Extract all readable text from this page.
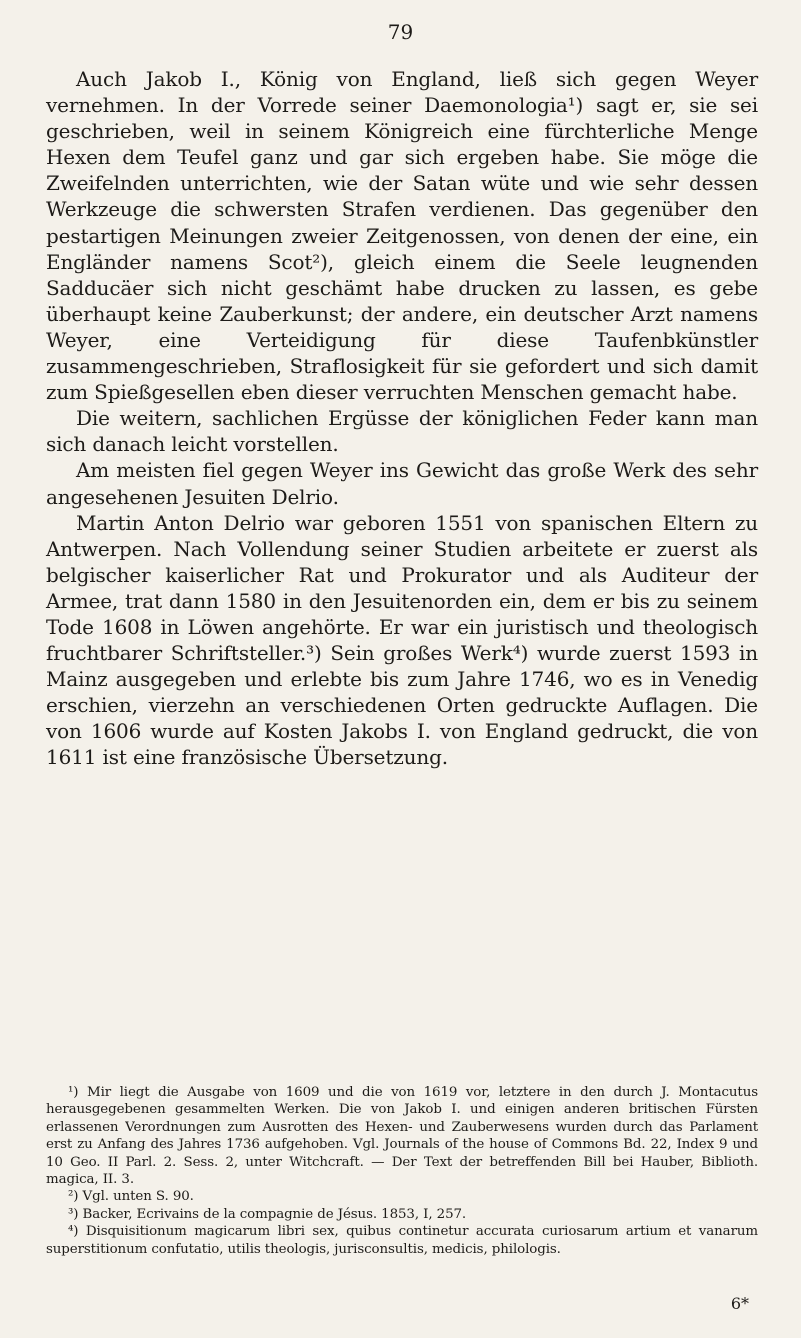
79

Auch Jakob I., König von England, ließ sich gegen Weyer vernehmen. In der Vorrede seiner Daemonologia¹) sagt er, sie sei geschrieben, weil in seinem Königreich eine fürchterliche Menge Hexen dem Teufel ganz und gar sich ergeben habe. Sie möge die Zweifelnden unterrichten, wie der Satan wüte und wie sehr dessen Werkzeuge die schwersten Strafen verdienen. Das gegenüber den pestartigen Meinungen zweier Zeitgenossen, von denen der eine, ein Engländer namens Scot²), gleich einem die Seele leugnenden Sadducäer sich nicht geschämt habe drucken zu lassen, es gebe überhaupt keine Zauberkunst; der andere, ein deutscher Arzt namens Weyer, eine Verteidigung für diese Taufenbkünstler zusammengeschrieben, Straflosigkeit für sie gefordert und sich damit zum Spießgesellen eben dieser verruchten Menschen gemacht habe.

Die weitern, sachlichen Ergüsse der königlichen Feder kann man sich danach leicht vorstellen.

Am meisten fiel gegen Weyer ins Gewicht das große Werk des sehr angesehenen Jesuiten Delrio.

Martin Anton Delrio war geboren 1551 von spanischen Eltern zu Antwerpen. Nach Vollendung seiner Studien arbeitete er zuerst als belgischer kaiserlicher Rat und Prokurator und als Auditeur der Armee, trat dann 1580 in den Jesuitenorden ein, dem er bis zu seinem Tode 1608 in Löwen angehörte. Er war ein juristisch und theologisch fruchtbarer Schriftsteller.³) Sein großes Werk⁴) wurde zuerst 1593 in Mainz ausgegeben und erlebte bis zum Jahre 1746, wo es in Venedig erschien, vierzehn an verschiedenen Orten gedruckte Auflagen. Die von 1606 wurde auf Kosten Jakobs I. von England gedruckt, die von 1611 ist eine französische Übersetzung.

¹) Mir liegt die Ausgabe von 1609 und die von 1619 vor, letztere in den durch J. Montacutus herausgegebenen gesammelten Werken. Die von Jakob I. und einigen anderen britischen Fürsten erlassenen Verordnungen zum Ausrotten des Hexen- und Zauberwesens wurden durch das Parlament erst zu Anfang des Jahres 1736 aufgehoben. Vgl. Journals of the house of Commons Bd. 22, Index 9 und 10 Geo. II Parl. 2. Sess. 2, unter Witchcraft. — Der Text der betreffenden Bill bei Hauber, Biblioth. magica, II. 3.

²) Vgl. unten S. 90.

³) Backer, Ecrivains de la compagnie de Jésus. 1853, I, 257.

⁴) Disquisitionum magicarum libri sex, quibus continetur accurata curiosarum artium et vanarum superstitionum confutatio, utilis theologis, jurisconsultis, medicis, philologis.

6*
